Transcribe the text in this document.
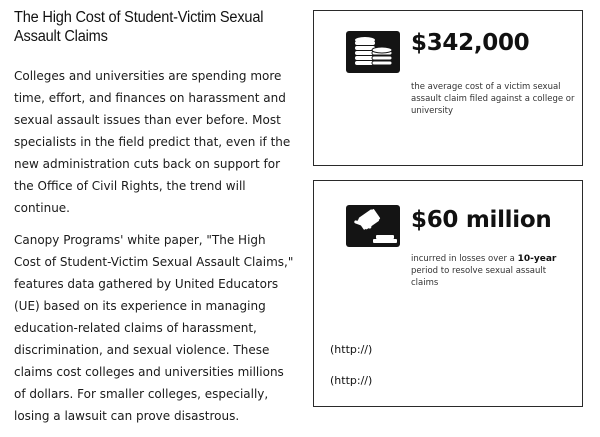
The High Cost of Student-Victim Sexual Assault Claims

Colleges and universities are spending more time, effort, and finances on harassment and sexual assault issues than ever before. Most specialists in the field predict that, even if the new administration cuts back on support for the Office of Civil Rights, the trend will continue.

Canopy Programs' white paper, "The High Cost of Student-Victim Sexual Assault Claims," features data gathered by United Educators (UE) based on its experience in managing education-related claims of harassment, discrimination, and sexual violence. These claims cost colleges and universities millions of dollars. For smaller colleges, especially, losing a lawsuit can prove disastrous.

$342,000
the average cost of a victim sexual assault claim filed against a college or university
$60 million
incurred in losses over a 10-year period to resolve sexual assault claims
(http://)
(http://)
